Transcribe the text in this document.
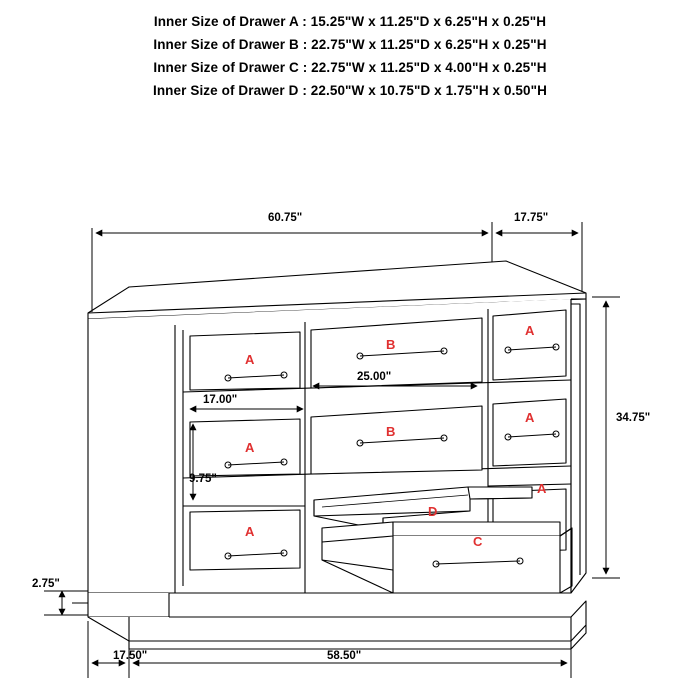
Inner Size of Drawer A : 15.25"W x 11.25"D x 6.25"H x 0.25"H
Inner Size of Drawer B : 22.75"W x 11.25"D x 6.25"H x 0.25"H
Inner Size of Drawer C : 22.75"W x 11.25"D x 4.00"H x 0.25"H
Inner Size of Drawer D : 22.50"W x 10.75"D x 1.75"H x 0.50"H
60.75"	17.75"
34.75"
25.00"
17.00"
9.75"
2.75"
17.50"	58.50"
A
B
A
A
B
A
A
A
D
C
